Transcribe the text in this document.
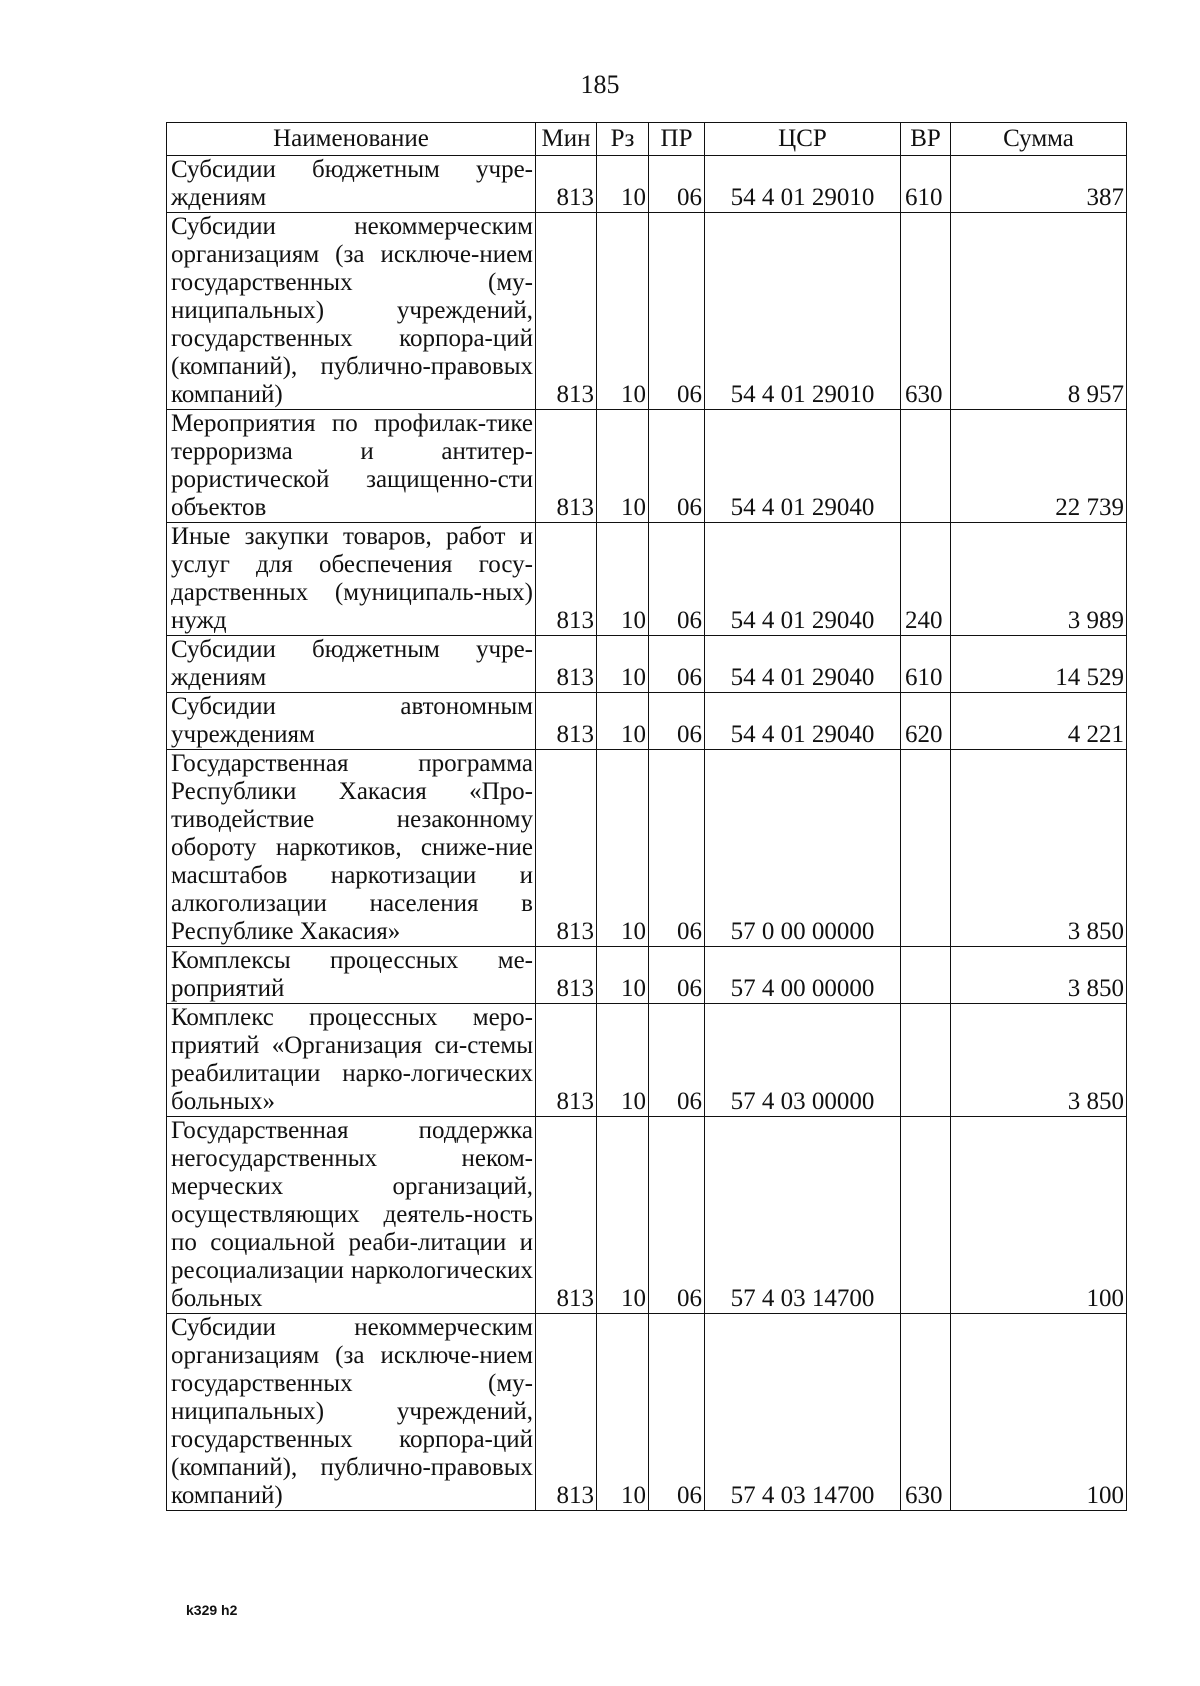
185
Наименование	Мин	Рз	ПР	ЦСР	ВР	Сумма
Субсидии бюджетным учре-ждениям	813	10	06	54 4 01 29010	610	387
Субсидии некоммерческим организациям (за исключе-нием государственных (му-ниципальных) учреждений, государственных корпора-ций (компаний), публично-правовых компаний)	813	10	06	54 4 01 29010	630	8 957
Мероприятия по профилак-тике терроризма и антитер-рористической защищенно-сти объектов	813	10	06	54 4 01 29040		22 739
Иные закупки товаров, работ и услуг для обеспечения госу-дарственных (муниципаль-ных) нужд	813	10	06	54 4 01 29040	240	3 989
Субсидии бюджетным учре-ждениям	813	10	06	54 4 01 29040	610	14 529
Субсидии автономным учреждениям	813	10	06	54 4 01 29040	620	4 221
Государственная программа Республики Хакасия «Про-тиводействие незаконному обороту наркотиков, сниже-ние масштабов наркотизации и алкоголизации населения в Республике Хакасия»	813	10	06	57 0 00 00000		3 850
Комплексы процессных ме-роприятий	813	10	06	57 4 00 00000		3 850
Комплекс процессных меро-приятий «Организация си-стемы реабилитации нарко-логических больных»	813	10	06	57 4 03 00000		3 850
Государственная поддержка негосударственных неком-мерческих организаций, осуществляющих деятель-ность по социальной реаби-литации и ресоциализации наркологических больных	813	10	06	57 4 03 14700		100
Субсидии некоммерческим организациям (за исключе-нием государственных (му-ниципальных) учреждений, государственных корпора-ций (компаний), публично-правовых компаний)	813	10	06	57 4 03 14700	630	100
k329 h2
